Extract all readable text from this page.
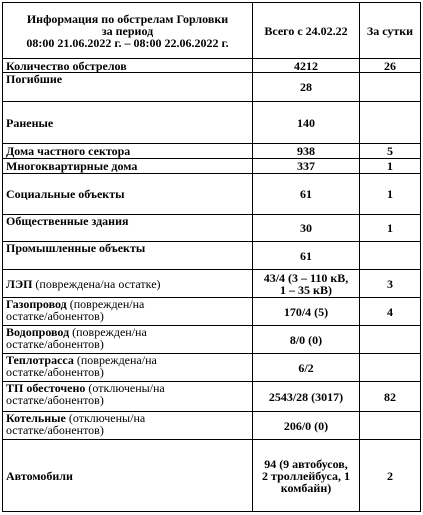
Информация по обстрелам Горловки
за период
08:00 21.06.2022 г. – 08:00 22.06.2022 г.	Всего с 24.02.22	За сутки
Количество обстрелов	4212	26
Погибшие	28	
Раненые	140	
Дома частного сектора	938	5
Многоквартирные дома	337	1
Социальные объекты	61	1
Общественные здания	30	1
Промышленные объекты	61	
ЛЭП (повреждена/на остатке)	43/4 (3 – 110 кВ,
1 – 35 кВ)	3
Газопровод (поврежден/на
остатке/абонентов)	170/4 (5)	4
Водопровод (поврежден/на
остатке/абонентов)	8/0 (0)	
Теплотрасса (повреждена/на
остатке/абонентов)	6/2	
ТП обесточено (отключены/на
остатке/абонентов)	2543/28 (3017)	82
Котельные (отключены/на
остатке/абонентов)	206/0 (0)	
Автомобили	94 (9 автобусов,
2 троллейбуса, 1
комбайн)	2
